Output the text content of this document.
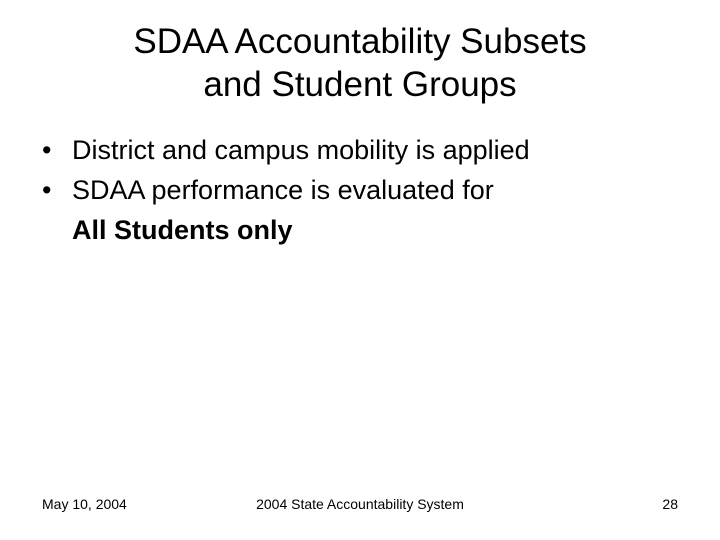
SDAA Accountability Subsets
and Student Groups
• District and campus mobility is applied
• SDAA performance is evaluated for
All Students only
May 10, 2004	2004 State Accountability System	28
